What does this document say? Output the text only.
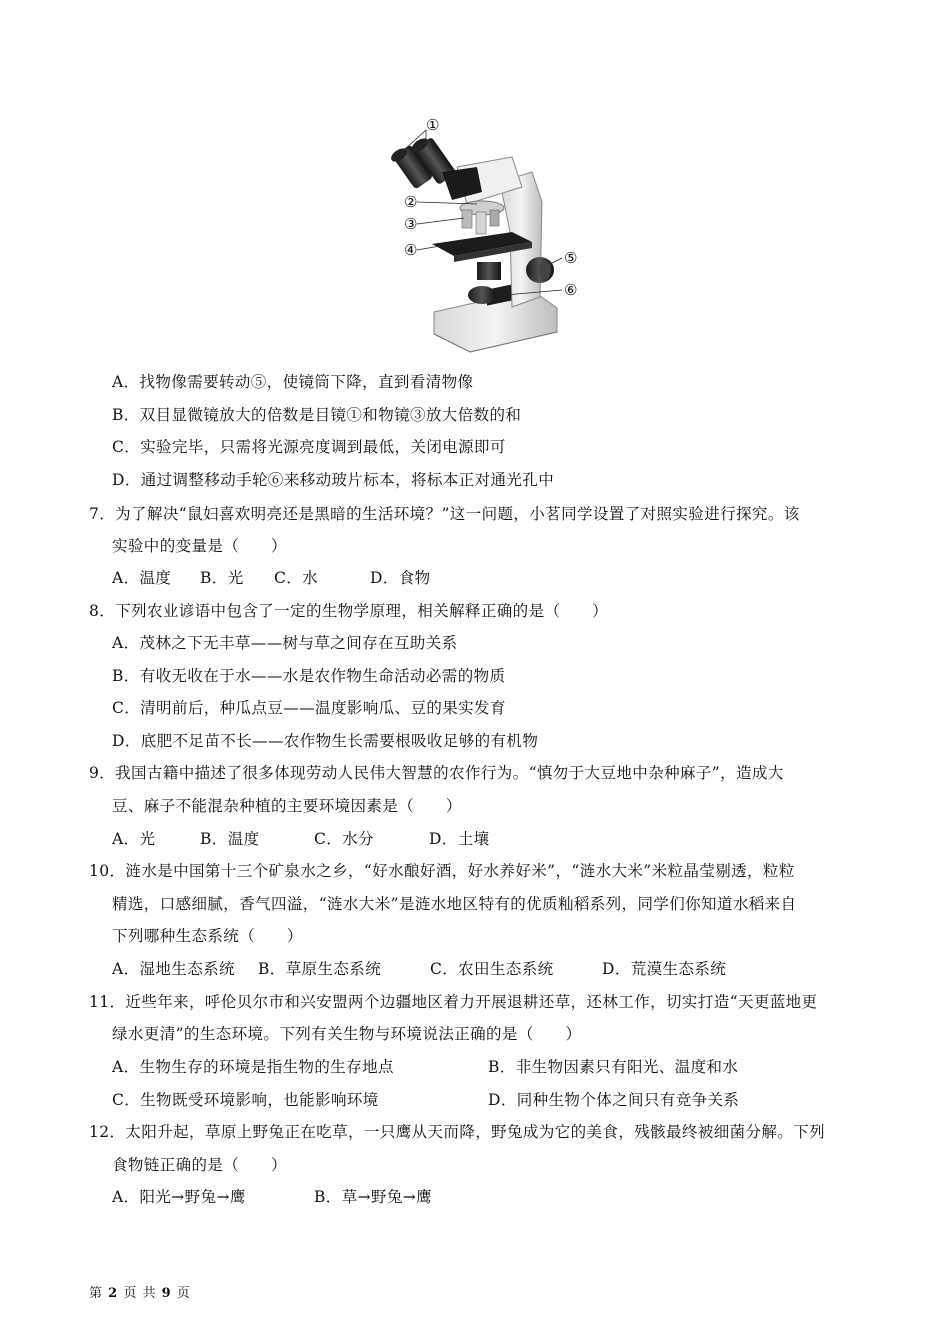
①
②
③
④	⑤
⑥
A．找物像需要转动⑤，使镜筒下降，直到看清物像
B．双目显微镜放大的倍数是目镜①和物镜③放大倍数的和
C．实验完毕，只需将光源亮度调到最低，关闭电源即可
D．通过调整移动手轮⑥来移动玻片标本，将标本正对通光孔中
7．为了解决“鼠妇喜欢明亮还是黑暗的生活环境？”这一问题，小茗同学设置了对照实验进行探究。该
实验中的变量是（　　）
A．温度 B．光 C．水	D．食物
8．下列农业谚语中包含了一定的生物学原理，相关解释正确的是（　　）
A．茂林之下无丰草——树与草之间存在互助关系
B．有收无收在于水——水是农作物生命活动必需的物质
C．清明前后，种瓜点豆——温度影响瓜、豆的果实发育
D．底肥不足苗不长——农作物生长需要根吸收足够的有机物
9．我国古籍中描述了很多体现劳动人民伟大智慧的农作行为。“慎勿于大豆地中杂种麻子”，造成大
豆、麻子不能混杂种植的主要环境因素是（　　）
A．光	B．温度	C．水分	D．土壤
10．涟水是中国第十三个矿泉水之乡，“好水酿好酒，好水养好米”，“涟水大米”米粒晶莹剔透，粒粒
精选，口感细腻，香气四溢，“涟水大米”是涟水地区特有的优质籼稻系列，同学们你知道水稻来自
下列哪种生态系统（　　）
A．湿地生态系统 B．草原生态系统	C．农田生态系统	D．荒漠生态系统
11．近些年来，呼伦贝尔市和兴安盟两个边疆地区着力开展退耕还草，还林工作，切实打造“天更蓝地更
绿水更清”的生态环境。下列有关生物与环境说法正确的是（　　）
A．生物生存的环境是指生物的生存地点	B．非生物因素只有阳光、温度和水
C．生物既受环境影响，也能影响环境	D．同种生物个体之间只有竞争关系
12．太阳升起，草原上野兔正在吃草，一只鹰从天而降，野兔成为它的美食，残骸最终被细菌分解。下列
食物链正确的是（　　）
A．阳光→野兔→鹰	B．草→野兔→鹰
第 2 页 共 9 页
